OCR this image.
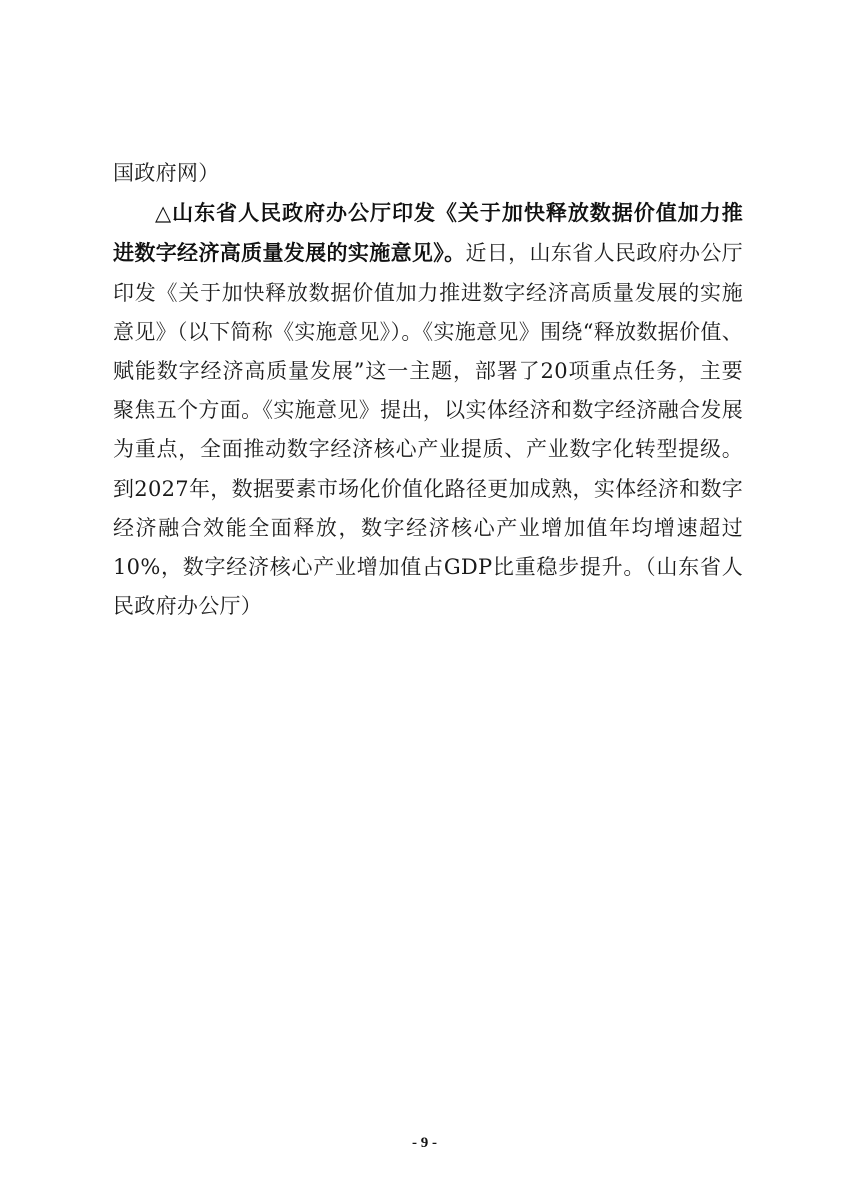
国政府网）

△山东省人民政府办公厅印发《关于加快释放数据价值加力推进数字经济高质量发展的实施意见》。近日，山东省人民政府办公厅印发《关于加快释放数据价值加力推进数字经济高质量发展的实施意见》（以下简称《实施意见》）。《实施意见》围绕“释放数据价值、赋能数字经济高质量发展”这一主题，部署了20项重点任务，主要聚焦五个方面。《实施意见》提出，以实体经济和数字经济融合发展为重点，全面推动数字经济核心产业提质、产业数字化转型提级。到2027年，数据要素市场化价值化路径更加成熟，实体经济和数字经济融合效能全面释放，数字经济核心产业增加值年均增速超过10%，数字经济核心产业增加值占GDP比重稳步提升。（山东省人民政府办公厅）

- 9 -
